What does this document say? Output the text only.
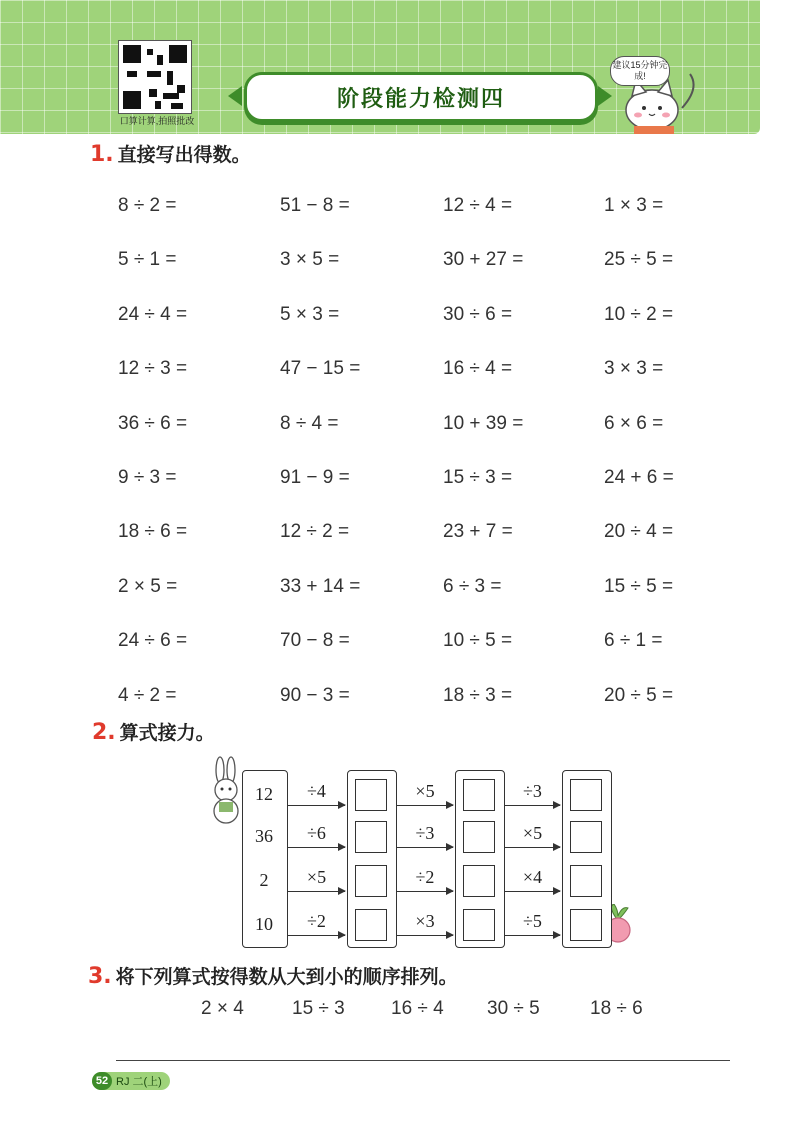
口算计算,拍照批改
阶段能力检测四
建议15分钟完成!
1. 直接写出得数。
8 ÷ 2 =	51 − 8 =	12 ÷ 4 =	1 × 3 =
5 ÷ 1 =	3 × 5 =	30 + 27 =	25 ÷ 5 =
24 ÷ 4 =	5 × 3 =	30 ÷ 6 =	10 ÷ 2 =
12 ÷ 3 =	47 − 15 =	16 ÷ 4 =	3 × 3 =
36 ÷ 6 =	8 ÷ 4 =	10 + 39 =	6 × 6 =
9 ÷ 3 =	91 − 9 =	15 ÷ 3 =	24 + 6 =
18 ÷ 6 =	12 ÷ 2 =	23 + 7 =	20 ÷ 4 =
2 × 5 =	33 + 14 =	6 ÷ 3 =	15 ÷ 5 =
24 ÷ 6 =	70 − 8 =	10 ÷ 5 =	6 ÷ 1 =
4 ÷ 2 =	90 − 3 =	18 ÷ 3 =	20 ÷ 5 =
2. 算式接力。
12
36
2
10
÷4
÷6
×5
÷2
×5
÷3
÷2
×3
÷3
×5
×4
÷5
3. 将下列算式按得数从大到小的顺序排列。
2 × 4	15 ÷ 3 16 ÷ 4 30 ÷ 5	18 ÷ 6
52 RJ 二(上)
